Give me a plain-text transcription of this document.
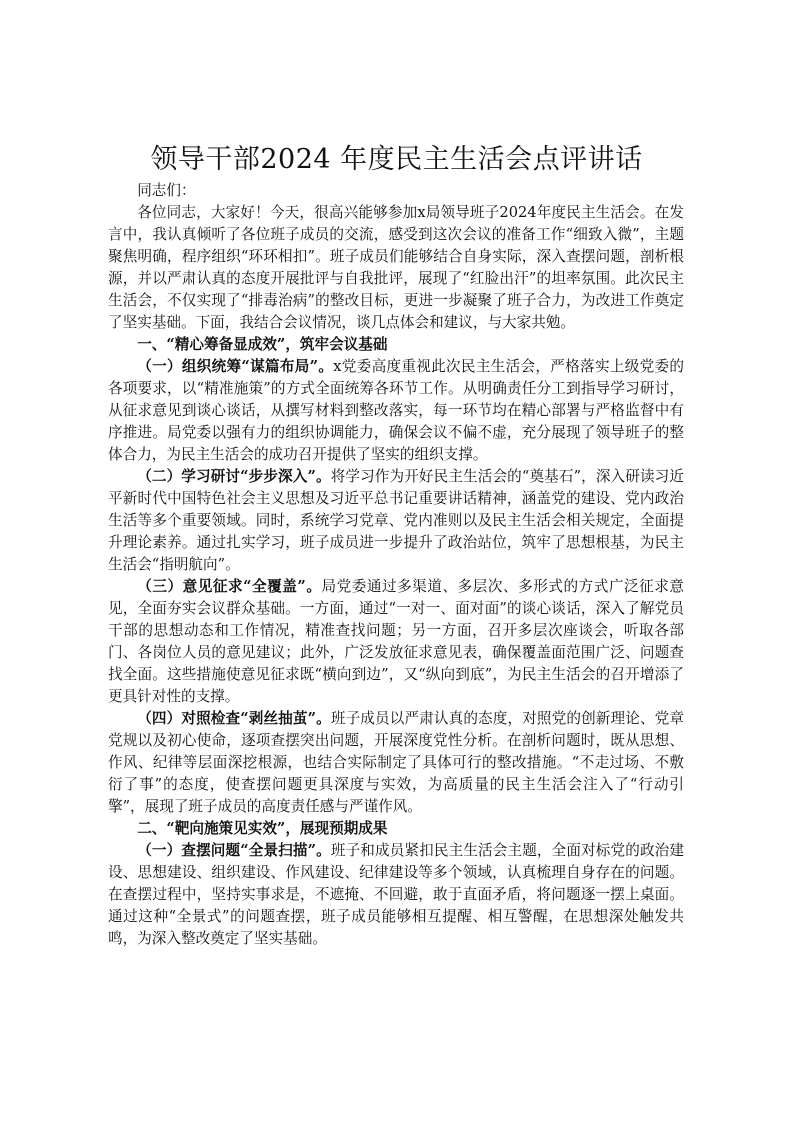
领导干部2024 年度民主生活会点评讲话

同志们：

各位同志，大家好！今天，很高兴能够参加x局领导班子2024年度民主生活会。在发言中，我认真倾听了各位班子成员的交流，感受到这次会议的准备工作“细致入微”，主题聚焦明确，程序组织“环环相扣”。班子成员们能够结合自身实际，深入查摆问题，剖析根源，并以严肃认真的态度开展批评与自我批评，展现了“红脸出汗”的坦率氛围。此次民主生活会，不仅实现了“排毒治病”的整改目标，更进一步凝聚了班子合力，为改进工作奠定了坚实基础。下面，我结合会议情况，谈几点体会和建议，与大家共勉。

一、“精心筹备显成效”，筑牢会议基础

（一）组织统筹“谋篇布局”。x党委高度重视此次民主生活会，严格落实上级党委的各项要求，以“精准施策”的方式全面统筹各环节工作。从明确责任分工到指导学习研讨，从征求意见到谈心谈话，从撰写材料到整改落实，每一环节均在精心部署与严格监督中有序推进。局党委以强有力的组织协调能力，确保会议不偏不虚，充分展现了领导班子的整体合力，为民主生活会的成功召开提供了坚实的组织支撑。

（二）学习研讨“步步深入”。将学习作为开好民主生活会的“奠基石”，深入研读习近平新时代中国特色社会主义思想及习近平总书记重要讲话精神，涵盖党的建设、党内政治生活等多个重要领域。同时，系统学习党章、党内准则以及民主生活会相关规定，全面提升理论素养。通过扎实学习，班子成员进一步提升了政治站位，筑牢了思想根基，为民主生活会“指明航向”。

（三）意见征求“全覆盖”。局党委通过多渠道、多层次、多形式的方式广泛征求意见，全面夯实会议群众基础。一方面，通过“一对一、面对面”的谈心谈话，深入了解党员干部的思想动态和工作情况，精准查找问题；另一方面，召开多层次座谈会，听取各部门、各岗位人员的意见建议；此外，广泛发放征求意见表，确保覆盖面范围广泛、问题查找全面。这些措施使意见征求既“横向到边”，又“纵向到底”，为民主生活会的召开增添了更具针对性的支撑。

（四）对照检查“剥丝抽茧”。班子成员以严肃认真的态度，对照党的创新理论、党章党规以及初心使命，逐项查摆突出问题，开展深度党性分析。在剖析问题时，既从思想、作风、纪律等层面深挖根源，也结合实际制定了具体可行的整改措施。“不走过场、不敷衍了事”的态度，使查摆问题更具深度与实效，为高质量的民主生活会注入了“行动引擎”，展现了班子成员的高度责任感与严谨作风。

二、“靶向施策见实效”，展现预期成果

（一）查摆问题“全景扫描”。班子和成员紧扣民主生活会主题，全面对标党的政治建设、思想建设、组织建设、作风建设、纪律建设等多个领域，认真梳理自身存在的问题。在查摆过程中，坚持实事求是，不遮掩、不回避，敢于直面矛盾，将问题逐一摆上桌面。通过这种“全景式”的问题查摆，班子成员能够相互提醒、相互警醒，在思想深处触发共鸣，为深入整改奠定了坚实基础。
